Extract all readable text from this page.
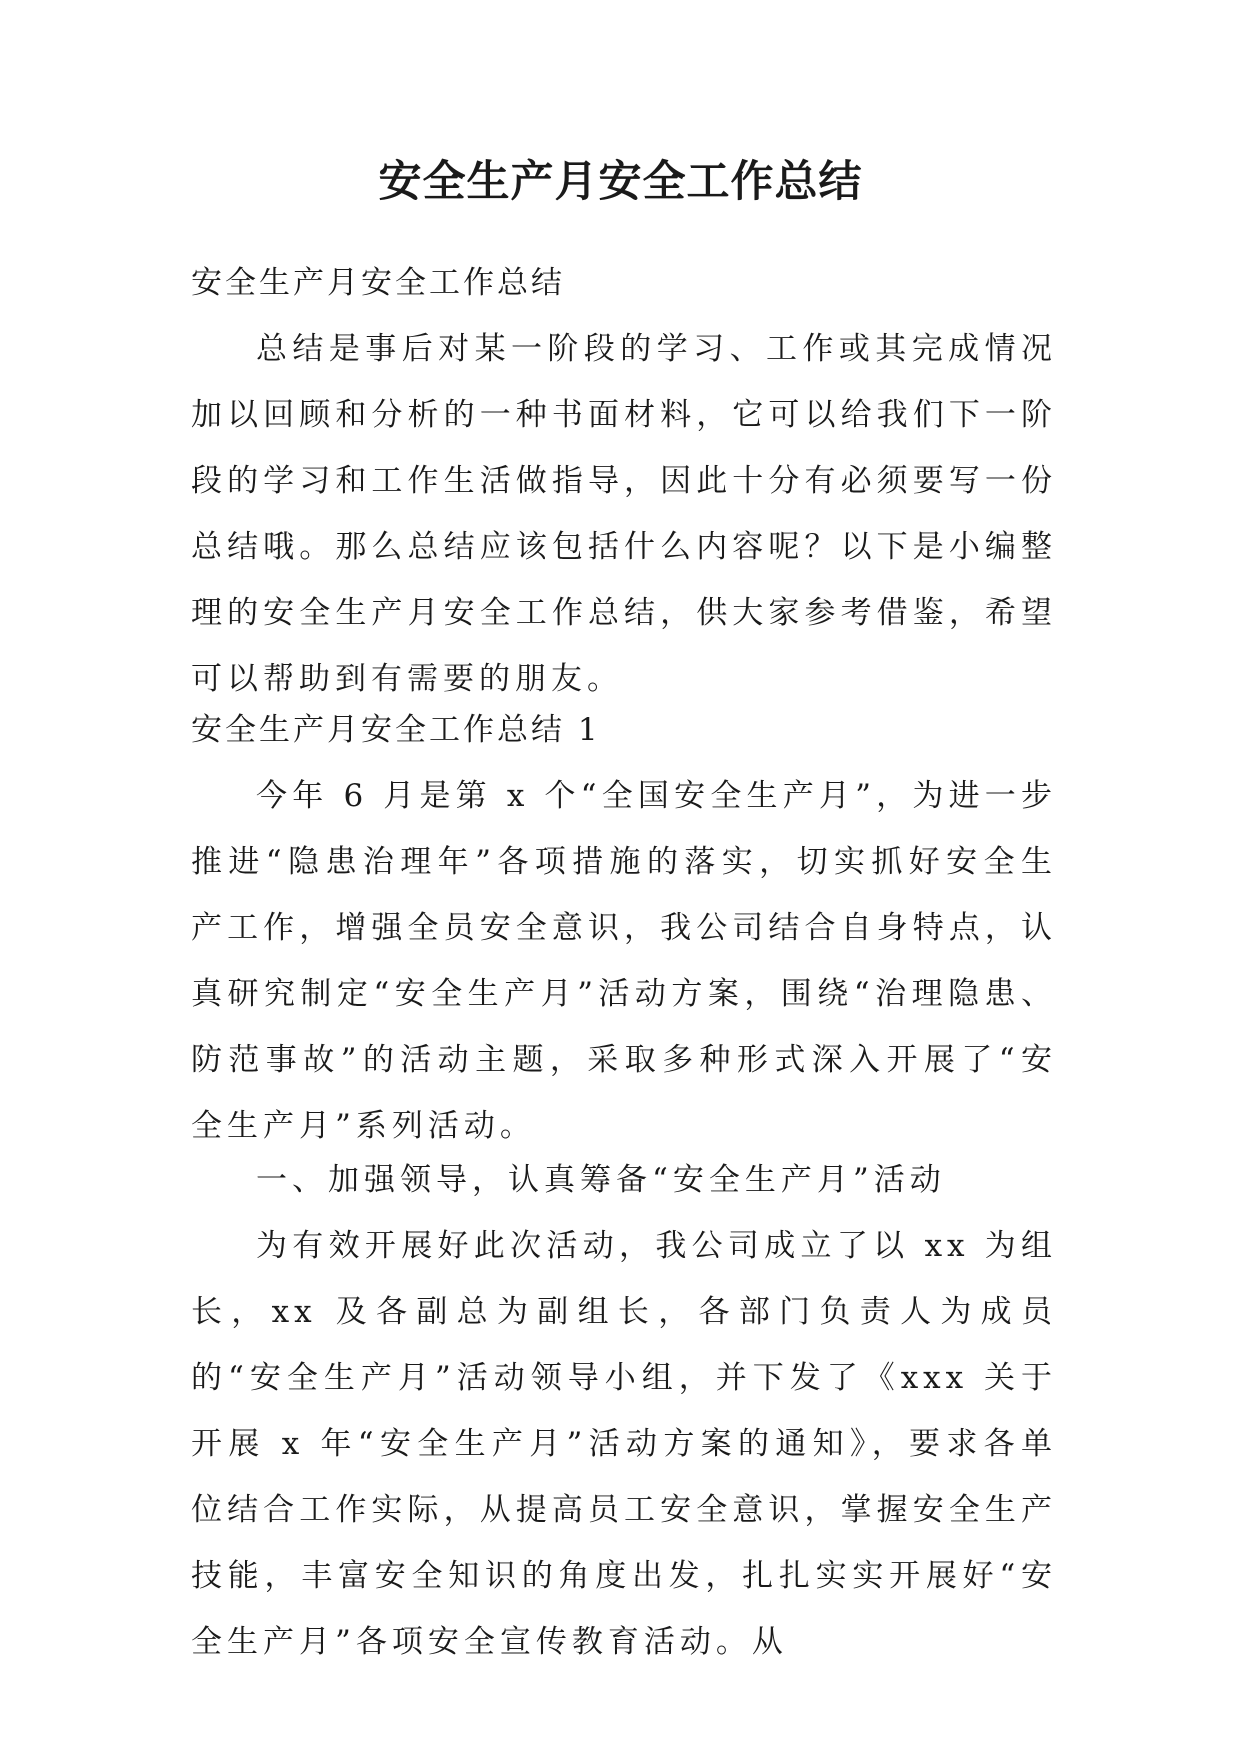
安全生产月安全工作总结

安全生产月安全工作总结

总结是事后对某一阶段的学习、工作或其完成情况加以回顾和分析的一种书面材料，它可以给我们下一阶段的学习和工作生活做指导，因此十分有必须要写一份总结哦。那么总结应该包括什么内容呢？以下是小编整理的安全生产月安全工作总结，供大家参考借鉴，希望可以帮助到有需要的朋友。

安全生产月安全工作总结 1

今年 6 月是第 x 个“全国安全生产月”，为进一步推进“隐患治理年”各项措施的落实，切实抓好安全生产工作，增强全员安全意识，我公司结合自身特点，认真研究制定“安全生产月”活动方案，围绕“治理隐患、防范事故”的活动主题，采取多种形式深入开展了“安全生产月”系列活动。

一、加强领导，认真筹备“安全生产月”活动

为有效开展好此次活动，我公司成立了以 xx 为组长，xx 及各副总为副组长，各部门负责人为成员的“安全生产月”活动领导小组，并下发了《xxx 关于开展 x 年“安全生产月”活动方案的通知》，要求各单位结合工作实际，从提高员工安全意识，掌握安全生产技能，丰富安全知识的角度出发，扎扎实实开展好“安全生产月”各项安全宣传教育活动。从
